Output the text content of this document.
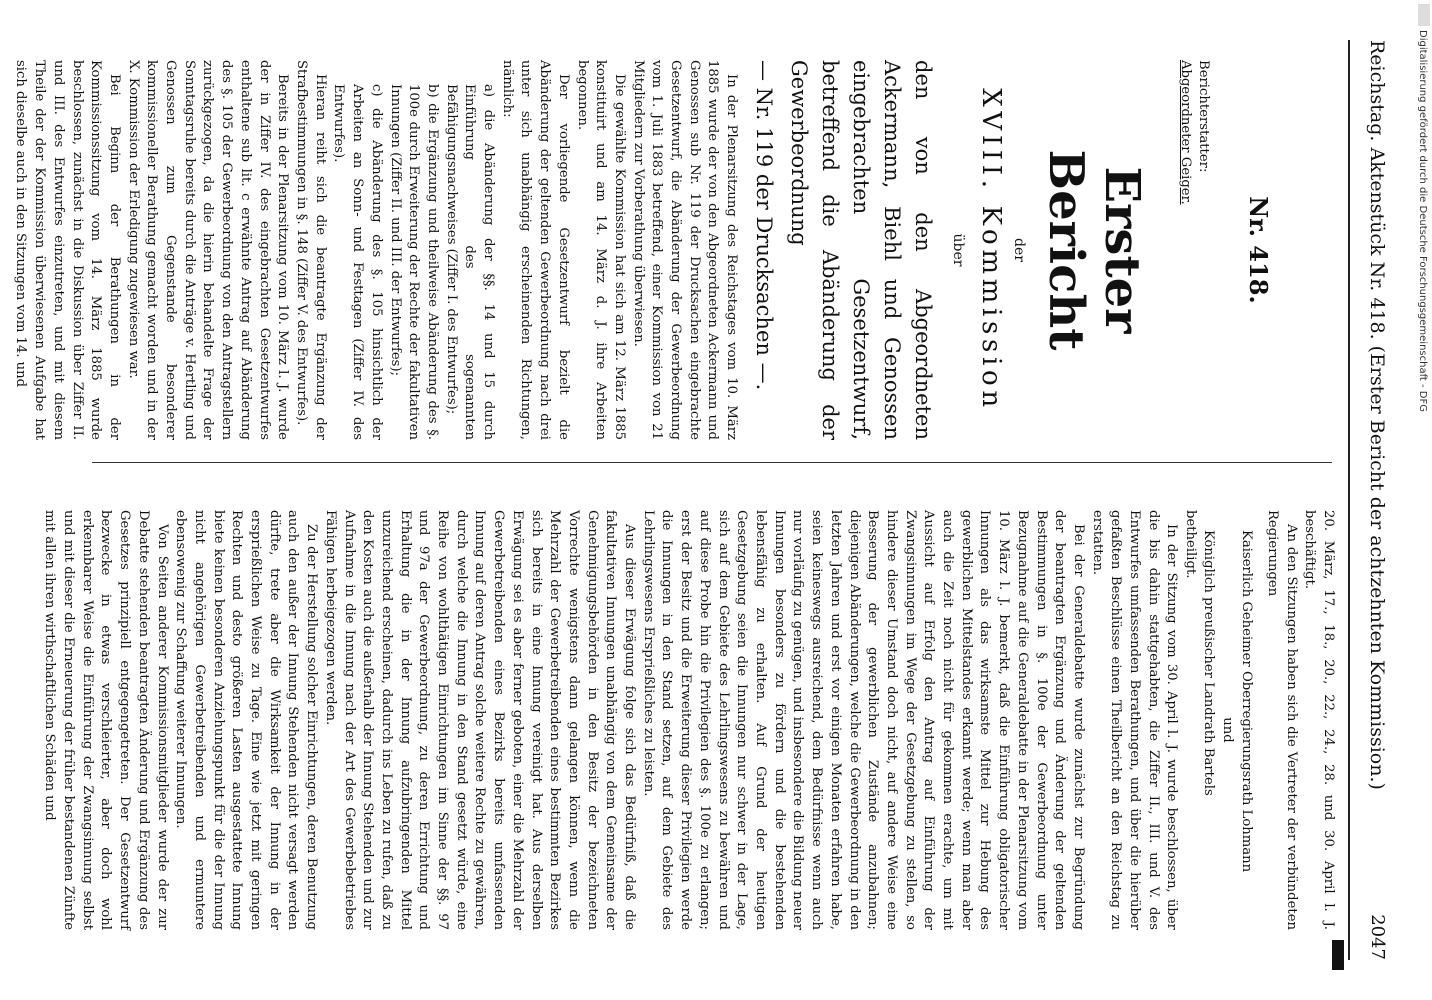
Reichstag. Aktenstück Nr. 418. (Erster Bericht der achtzehnten Kommission.)
2047
Nr. 418.
Berichterstatter:
Abgeordneter Geiger.

Erster Bericht

der

XVIII. Kommission

über

den von den Abgeordneten Ackermann, Biehl und Genossen eingebrachten Gesetzentwurf, betreffend die Abänderung der Gewerbeordnung

— Nr. 119 der Drucksachen —.

In der Plenarsitzung des Reichstages vom 10. März 1885 wurde der von den Abgeordneten Ackermann und Genossen sub Nr. 119 der Drucksachen eingebrachte Gesetzentwurf, die Abänderung der Gewerbeordnung vom 1. Juli 1883 betreffend, einer Kommission von 21 Mitgliedern zur Vorberathung überwiesen.

Die gewählte Kommission hat sich am 12. März 1885 konstituirt und am 14. März d. J. ihre Arbeiten begonnen.

Der vorliegende Gesetzentwurf bezielt die Abänderung der geltenden Gewerbeordnung nach drei unter sich unabhängig erscheinenden Richtungen, nämlich:

a) die Abänderung der §§. 14 und 15 durch Einführung des sogenannten Befähigungsnachweises (Ziffer I. des Entwurfes);
b) die Ergänzung und theilweise Abänderung des §. 100e durch Erweiterung der Rechte der fakultativen Innungen (Ziffer II. und III. der Entwurfes);
c) die Abänderung des §. 105 hinsichtlich der Arbeiten an Sonn- und Festtagen (Ziffer IV. des Entwurfes).

Hieran reiht sich die beantragte Ergänzung der Strafbestimmungen in §. 148 (Ziffer V. des Entwurfes).

Bereits in der Plenarsitzung vom 10. März l. J. wurde der in Ziffer IV. des eingebrachten Gesetzentwurfes enthaltene sub lit. c erwähnte Antrag auf Abänderung des §. 105 der Gewerbeordnung von den Antragstellern zurückgezogen, da die hierin behandelte Frage der Sonntagsruhe bereits durch die Anträge v. Hertling und Genossen zum Gegenstande besonderer kommissioneller Berathung gemacht worden und in der X. Kommission der Erledigung zugewiesen war.

Bei Beginn der Berathungen in der Kommissionssitzung vom 14. März 1885 wurde beschlossen, zunächst in die Diskussion über Ziffer II. und III. des Entwurfes einzutreten, und mit diesem Theile der der Kommission überwiesenen Aufgabe hat sich dieselbe auch in den Sitzungen vom 14. und

20. März, 17., 18., 20., 22., 24., 28. und 30. April l. J. beschäftigt.

An den Sitzungen haben sich die Vertreter der verbündeten Regierungen

Kaiserlich Geheimer Oberregierungsrath Lohmann
und
Königlich preußischer Landrath Bartels

betheiligt.

In der Sitzung vom 30. April l. J. wurde beschlossen, über die bis dahin stattgehabten, die Ziffer II., III. und V. des Entwurfes umfassenden Berathungen, und über die hierüber gefaßten Beschlüsse einen Theilbericht an den Reichstag zu erstatten.

Bei der Generaldebatte wurde zunächst zur Begründung der beantragten Ergänzung und Änderung der geltenden Bestimmungen in §. 100e der Gewerbeordnung unter Bezugnahme auf die Generaldebatte in der Plenarsitzung vom 10. März l. J. bemerkt, daß die Einführung obligatorischer Innungen als das wirksamste Mittel zur Hebung des gewerblichen Mittelstandes erkannt werde; wenn man aber auch die Zeit noch nicht für gekommen erachte, um mit Aussicht auf Erfolg den Antrag auf Einführung der Zwangsinnungen im Wege der Gesetzgebung zu stellen, so hindere dieser Umstand doch nicht, auf andere Weise eine Besserung der gewerblichen Zustände anzubahnen; diejenigen Abänderungen, welche die Gewerbeordnung in den letzten Jahren und erst vor einigen Monaten erfahren habe, seien keineswegs ausreichend, dem Bedürfnisse wenn auch nur vorläufig zu genügen, und insbesondere die Bildung neuer Innungen besonders zu fördern und die bestehenden lebensfähig zu erhalten. Auf Grund der heutigen Gesetzgebung seien die Innungen nur schwer in der Lage, sich auf dem Gebiete des Lehrlingswesens zu bewähren und auf diese Probe hin die Privilegien des §. 100e zu erlangen; erst der Besitz und die Erweiterung dieser Privilegien werde die Innungen in den Stand setzen, auf dem Gebiete des Lehrlingswesens Ersprießliches zu leisten.

Aus dieser Erwägung folge sich das Bedürfniß, daß die fakultativen Innungen unabhängig von dem Gemeinsame der Genehmigungsbehörden in den Besitz der bezeichneten Vorrechte wenigstens dann gelangen können, wenn die Mehrzahl der Gewerbetreibenden eines bestimmten Bezirkes sich bereits in eine Innung vereinigt hat. Aus derselben Erwägung sei es aber ferner geboten, einer die Mehrzahl der Gewerbetreibenden eines Bezirks bereits umfassenden Innung auf deren Antrag solche weitere Rechte zu gewähren, durch welche die Innung in den Stand gesetzt würde, eine Reihe von wohlthätigen Einrichtungen im Sinne der §§. 97 und 97a der Gewerbeordnung, zu deren Errichtung und Erhaltung die in der Innung aufzubringenden Mittel unzureichend erscheinen, dadurch ins Leben zu rufen, daß zu den Kosten auch die außerhalb der Innung Stehenden und zur Aufnahme in die Innung nach der Art des Gewerbebetriebes Fähigen herbeigezogen werden.

Zu der Herstellung solcher Einrichtungen, deren Benutzung auch den außer der Innung Stehenden nicht versagt werden dürfte, trete aber die Wirksamkeit der Innung in der ersprießlichen Weise zu Tage. Eine wie jetzt mit geringen Rechten und desto größeren Lasten ausgestattete Innung biete keinen besonderen Anziehungspunkt für die der Innung nicht angehörigen Gewerbetreibenden und ermuntere ebensowenig zur Schaffung weiterer Innungen.

Von Seiten anderer Kommissionsmitglieder wurde der zur Debatte stehenden beantragten Änderung und Ergänzung des Gesetzes prinzipiell entgegengetreten. Der Gesetzentwurf bezwecke in etwas verschleierter, aber doch wohl erkennbarer Weise die Einführung der Zwangsinnung selbst und mit dieser die Erneuerung der früher bestandenen Zünfte mit allen ihren wirthschaftlichen Schäden und

Digitalisierung gefördert durch die Deutsche Forschungsgemeinschaft - DFG
